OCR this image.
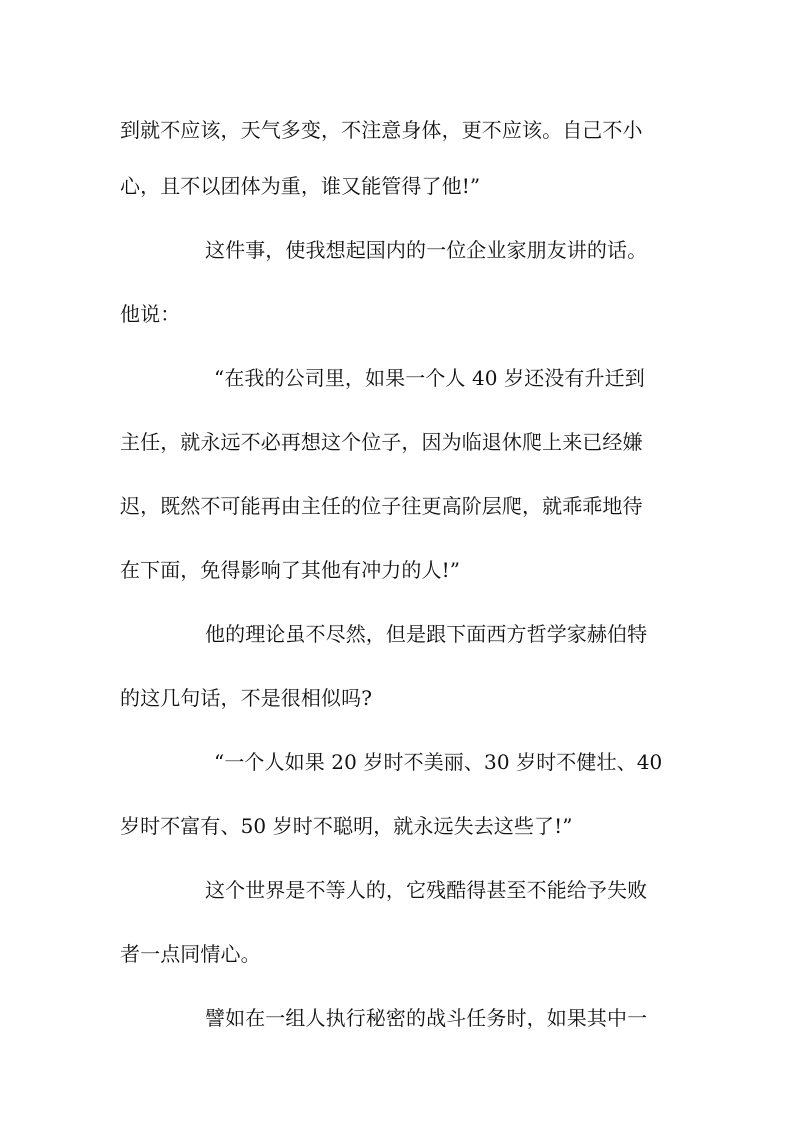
到就不应该，天气多变，不注意身体，更不应该。自己不小
心，且不以团体为重，谁又能管得了他!”
这件事，使我想起国内的一位企业家朋友讲的话。
他说：
“在我的公司里，如果一个人 40 岁还没有升迁到
主任，就永远不必再想这个位子，因为临退休爬上来已经嫌
迟，既然不可能再由主任的位子往更高阶层爬，就乖乖地待
在下面，免得影响了其他有冲力的人!”
他的理论虽不尽然，但是跟下面西方哲学家赫伯特
的这几句话，不是很相似吗?
“一个人如果 20 岁时不美丽、30 岁时不健壮、40
岁时不富有、50 岁时不聪明，就永远失去这些了!”
这个世界是不等人的，它残酷得甚至不能给予失败
者一点同情心。
譬如在一组人执行秘密的战斗任务时，如果其中一
